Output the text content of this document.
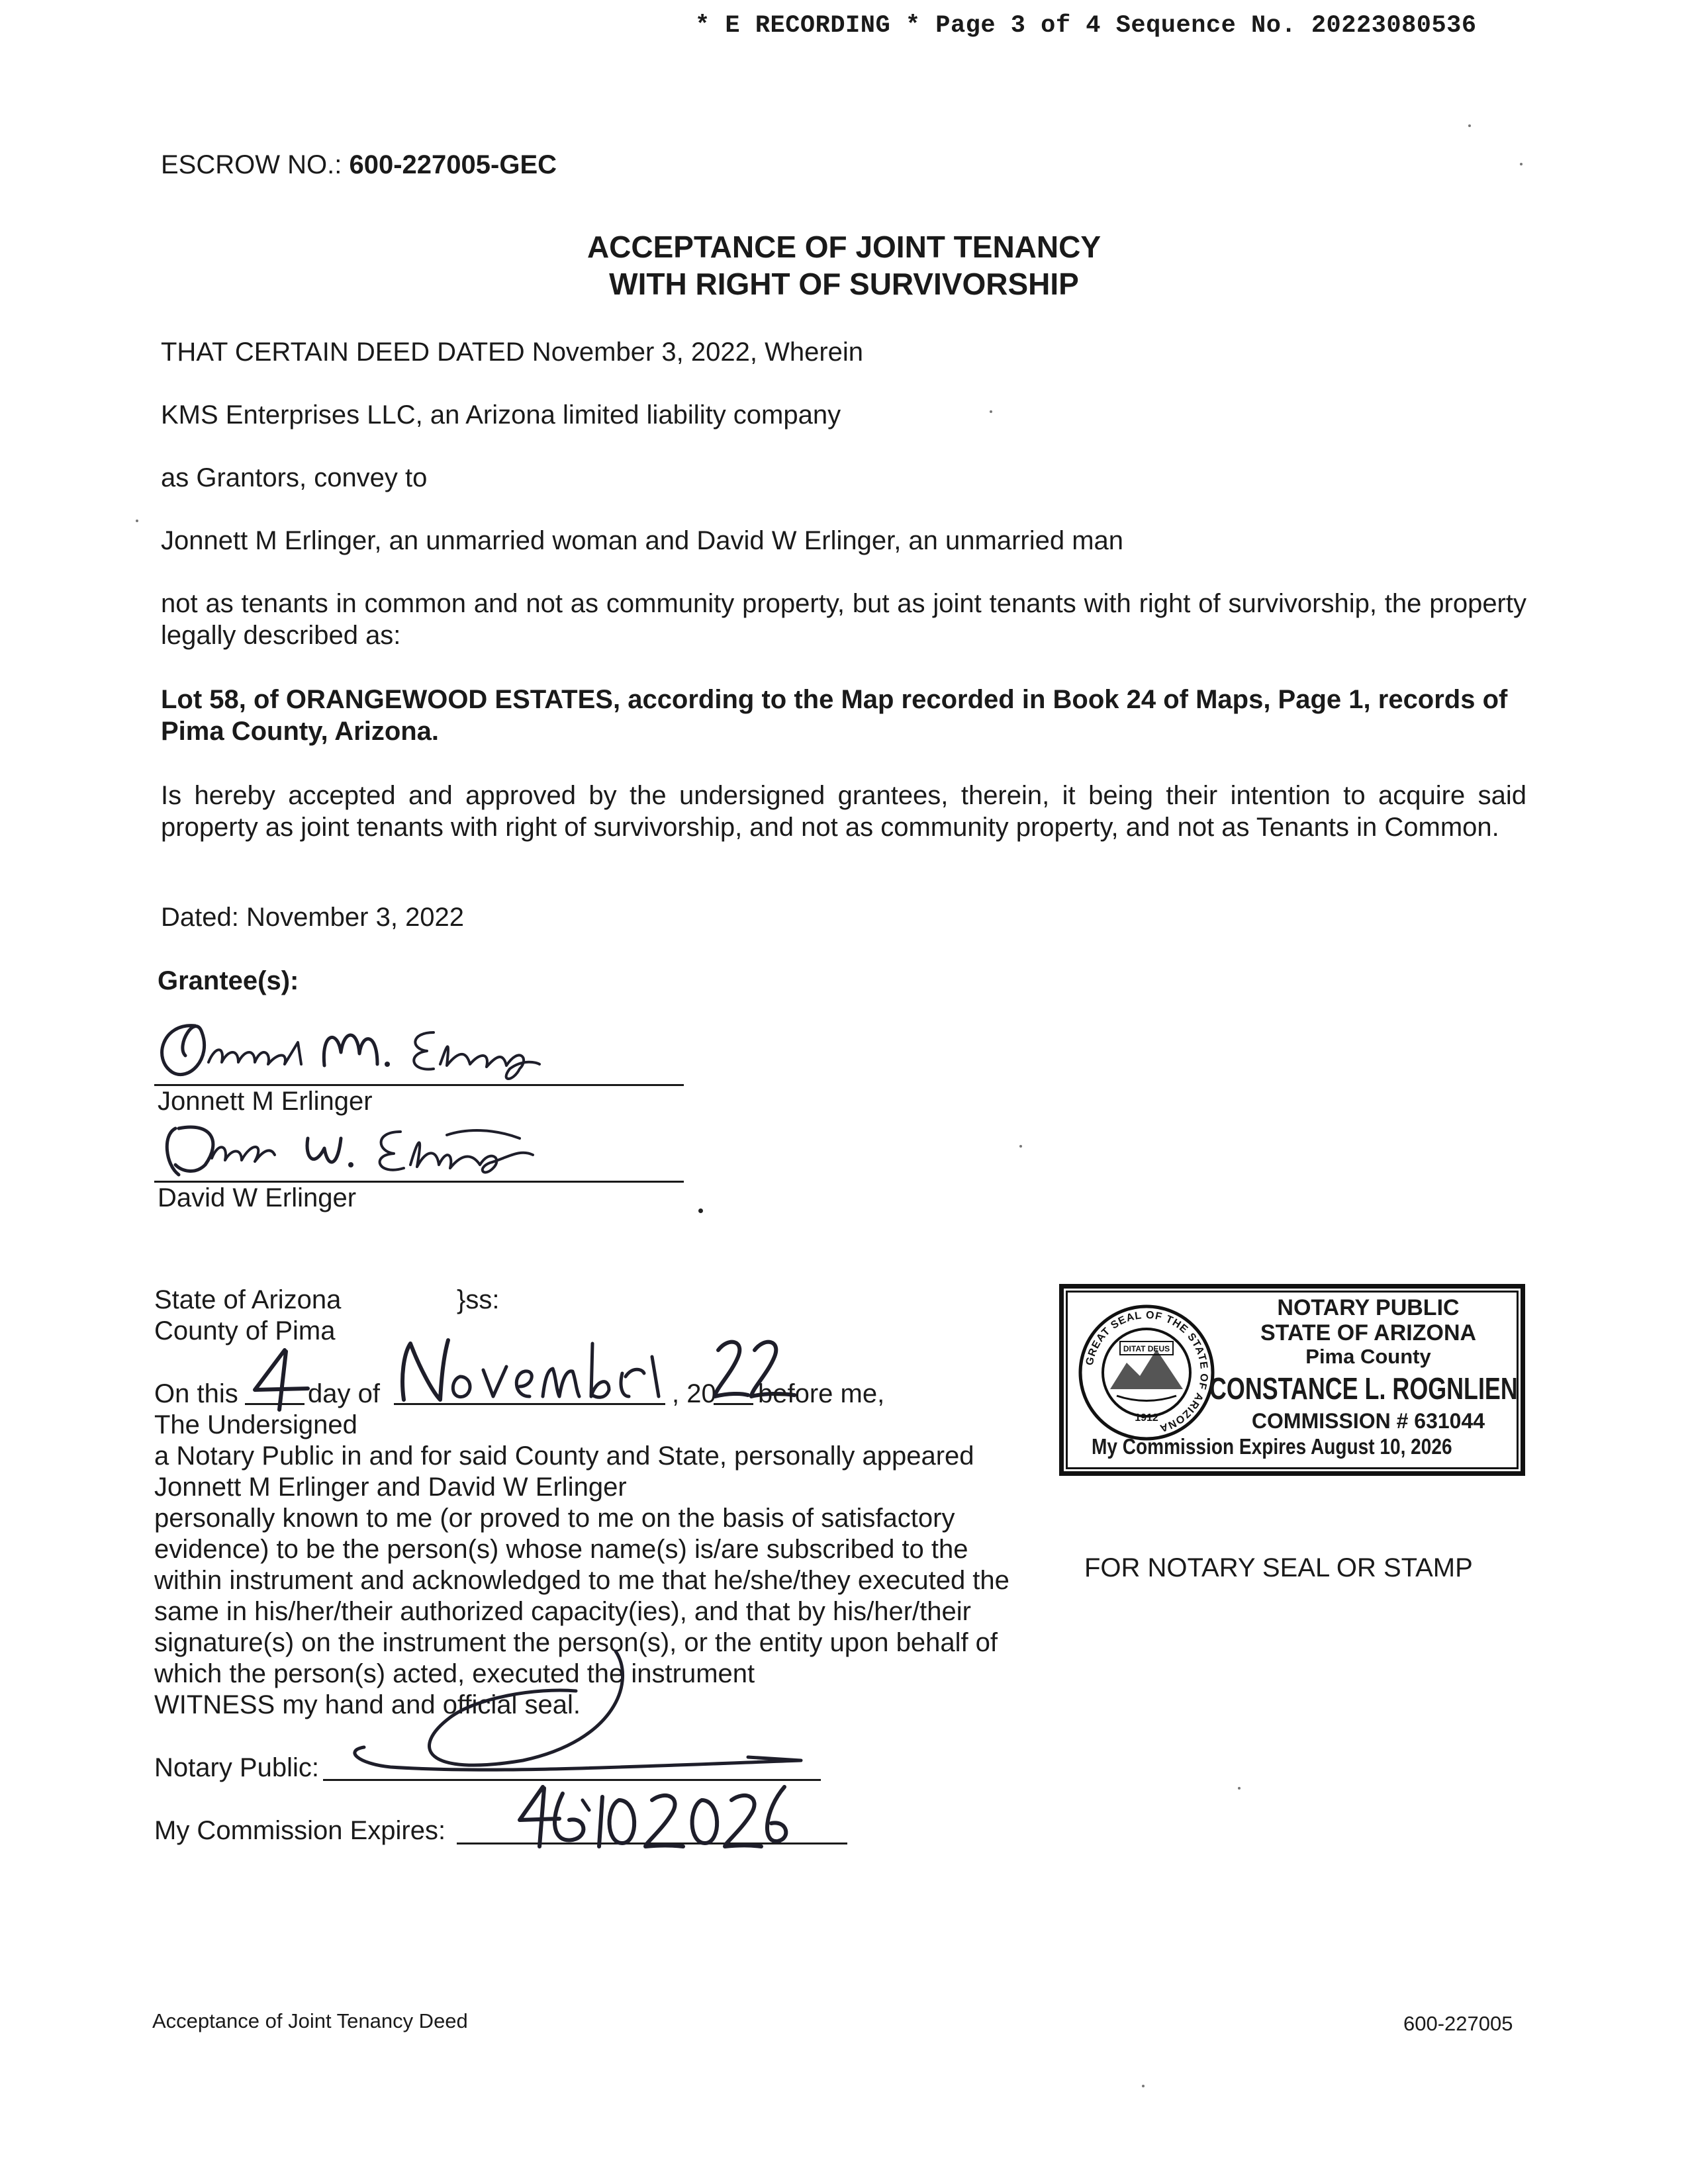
* E RECORDING * Page 3 of 4 Sequence No. 20223080536
ESCROW NO.: 600-227005-GEC
ACCEPTANCE OF JOINT TENANCY
WITH RIGHT OF SURVIVORSHIP
THAT CERTAIN DEED DATED November 3, 2022, Wherein
KMS Enterprises LLC, an Arizona limited liability company
as Grantors, convey to
Jonnett M Erlinger, an unmarried woman and David W Erlinger, an unmarried man
not as tenants in common and not as community property, but as joint tenants with right of survivorship, the property legally described as:
Lot 58, of ORANGEWOOD ESTATES, according to the Map recorded in Book 24 of Maps, Page 1, records of Pima County, Arizona.
Is hereby accepted and approved by the undersigned grantees, therein, it being their intention to acquire said property as joint tenants with right of survivorship, and not as community property, and not as Tenants in Common.
Dated: November 3, 2022
Grantee(s):
Jonnett M Erlinger
David W Erlinger
State of Arizona	}ss:
County of Pima
On this	day of	, 20 before me,
The Undersigned
a Notary Public in and for said County and State, personally appeared
Jonnett M Erlinger and David W Erlinger
personally known to me (or proved to me on the basis of satisfactory
evidence) to be the person(s) whose name(s) is/are subscribed to the
within instrument and acknowledged to me that he/she/they executed the
same in his/her/their authorized capacity(ies), and that by his/her/their
signature(s) on the instrument the person(s), or the entity upon behalf of
which the person(s) acted, executed the instrument
WITNESS my hand and official seal.
Notary Public:
My Commission Expires:
GREAT SEAL OF THE STATE OF ARIZONA
DITAT DEUS
1912
NOTARY PUBLIC
STATE OF ARIZONA
Pima County
CONSTANCE L. ROGNLIEN
COMMISSION # 631044
My Commission Expires August 10, 2026
FOR NOTARY SEAL OR STAMP
Acceptance of Joint Tenancy Deed	600-227005
